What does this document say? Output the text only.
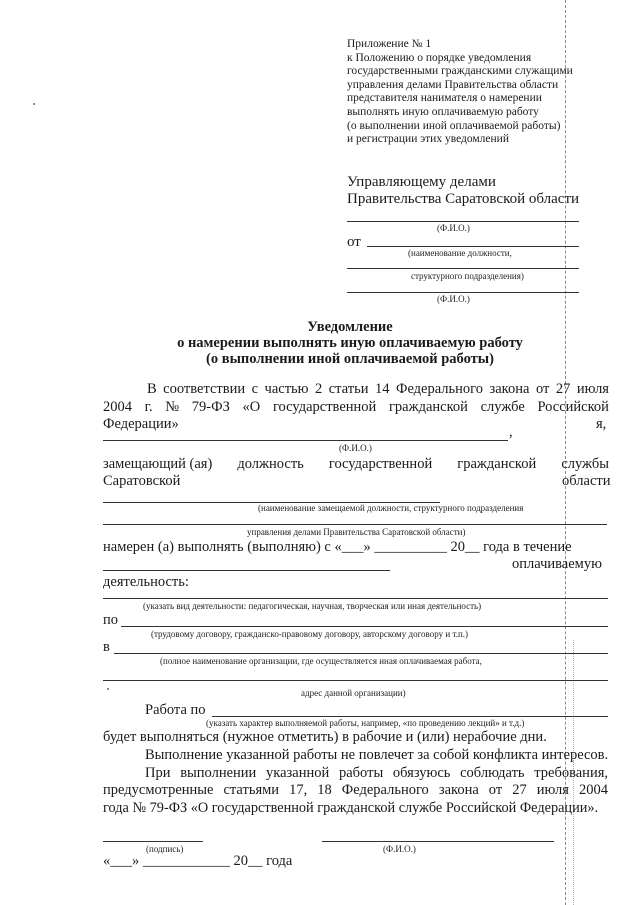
Приложение № 1
к Положению о порядке уведомления
государственными гражданскими служащими
управления делами Правительства области
представителя нанимателя о намерении
выполнять иную оплачиваемую работу
(о выполнении иной оплачиваемой работы)
и регистрации этих уведомлений
Управляющему делами
Правительства Саратовской области
(Ф.И.О.)
от
(наименование должности,
структурного подразделения)
(Ф.И.О.)
Уведомление
о намерении выполнять иную оплачиваемую работу
(о выполнении иной оплачиваемой работы)
В соответствии с частью 2 статьи 14 Федерального закона от 27 июля
2004 г. № 79-ФЗ «О государственной гражданской службе Российской
Федерации»	,	я,
(Ф.И.О.)
замещающий (ая) должность государственной гражданской службы
Саратовской	области
(наименование замещаемой должности, структурного подразделения
управления делами Правительства Саратовской области)
намерен (а) выполнять (выполняю) с «___» __________ 20__ года в течение
оплачиваемую
деятельность:
(указать вид деятельности: педагогическая, научная, творческая или иная деятельность)
по
(трудовому договору, гражданско-правовому договору, авторскому договору и т.п.)
в
(полное наименование организации, где осуществляется иная оплачиваемая работа,
адрес данной организации)
Работа по
(указать характер выполняемой работы, например, «по проведению лекций» и т.д.)
будет выполняться (нужное отметить) в рабочие и (или) нерабочие дни.
Выполнение указанной работы не повлечет за собой конфликта интересов.
При выполнении указанной работы обязуюсь соблюдать требования,
предусмотренные статьями 17, 18 Федерального закона от 27 июля 2004
года № 79-ФЗ «О государственной гражданской службе Российской Федерации».
(подпись)	(Ф.И.О.)
«___» ____________ 20__ года
